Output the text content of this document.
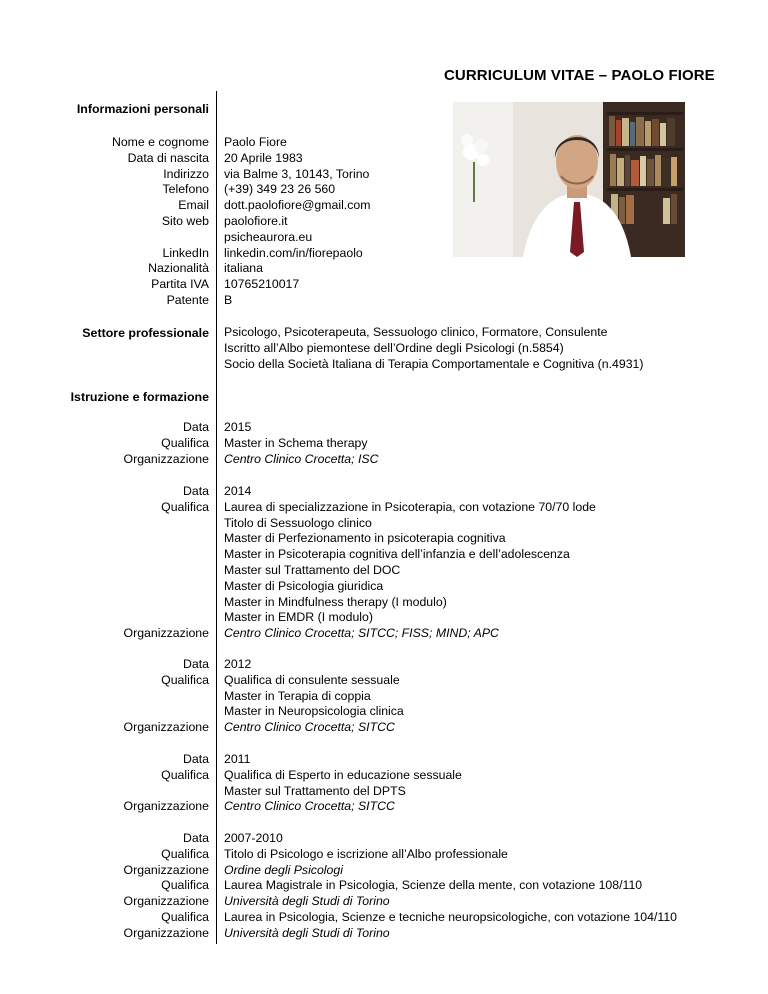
CURRICULUM VITAE – PAOLO FIORE
Informazioni personali
Nome e cognome Paolo Fiore
Data di nascita 20 Aprile 1983
Indirizzo via Balme 3, 10143, Torino
Telefono (+39) 349 23 26 560
Email dott.paolofiore@gmail.com
Sito web paolofiore.it
psicheaurora.eu
LinkedIn linkedin.com/in/fiorepaolo
Nazionalità italiana
Partita IVA 10765210017
Patente B
Settore professionale Psicologo, Psicoterapeuta, Sessuologo clinico, Formatore, Consulente
Iscritto all’Albo piemontese dell’Ordine degli Psicologi (n.5854)
Socio della Società Italiana di Terapia Comportamentale e Cognitiva (n.4931)
Istruzione e formazione
Data 2015
Qualifica Master in Schema therapy
Organizzazione Centro Clinico Crocetta; ISC
Data 2014
Qualifica Laurea di specializzazione in Psicoterapia, con votazione 70/70 lode
Titolo di Sessuologo clinico
Master di Perfezionamento in psicoterapia cognitiva
Master in Psicoterapia cognitiva dell’infanzia e dell’adolescenza
Master sul Trattamento del DOC
Master di Psicologia giuridica
Master in Mindfulness therapy (I modulo)
Master in EMDR (I modulo)
Organizzazione Centro Clinico Crocetta; SITCC; FISS; MIND; APC
Data 2012
Qualifica Qualifica di consulente sessuale
Master in Terapia di coppia
Master in Neuropsicologia clinica
Organizzazione Centro Clinico Crocetta; SITCC
Data 2011
Qualifica Qualifica di Esperto in educazione sessuale
Master sul Trattamento del DPTS
Organizzazione Centro Clinico Crocetta; SITCC
Data 2007-2010
Qualifica Titolo di Psicologo e iscrizione all’Albo professionale
Organizzazione Ordine degli Psicologi
Qualifica Laurea Magistrale in Psicologia, Scienze della mente, con votazione 108/110
Organizzazione Università degli Studi di Torino
Qualifica Laurea in Psicologia, Scienze e tecniche neuropsicologiche, con votazione 104/110
Organizzazione Università degli Studi di Torino
